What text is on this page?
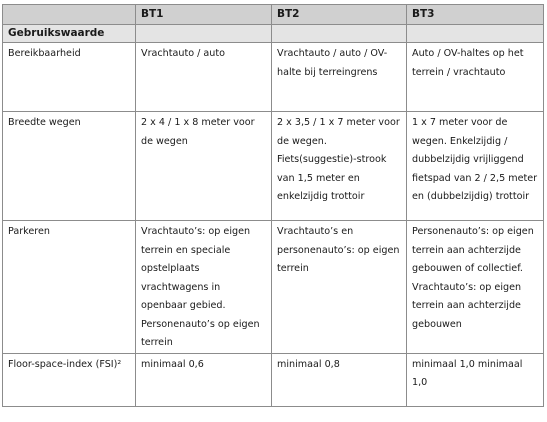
	BT1	BT2	BT3
Gebruikswaarde			
Bereikbaarheid	Vrachtauto / auto	Vrachtauto / auto / OV-halte bij terreingrens	Auto / OV-haltes op het terrein / vrachtauto
Breedte wegen	2 x 4 / 1 x 8 meter voor de wegen	2 x 3,5 / 1 x 7 meter voor de wegen. Fiets(suggestie)-strook van 1,5 meter en enkelzijdig trottoir	1 x 7 meter voor de wegen. Enkelzijdig / dubbelzijdig vrijliggend fietspad van 2 / 2,5 meter en (dubbelzijdig) trottoir
Parkeren	Vrachtauto’s: op eigen terrein en speciale opstelplaats vrachtwagens in openbaar gebied. Personenauto’s op eigen terrein	Vrachtauto’s en personenauto’s: op eigen terrein	Personenauto’s: op eigen terrein aan achterzijde gebouwen of collectief. Vrachtauto’s: op eigen terrein aan achterzijde gebouwen
Floor-space-index (FSI)²	minimaal 0,6	minimaal 0,8	minimaal 1,0 minimaal 1,0
